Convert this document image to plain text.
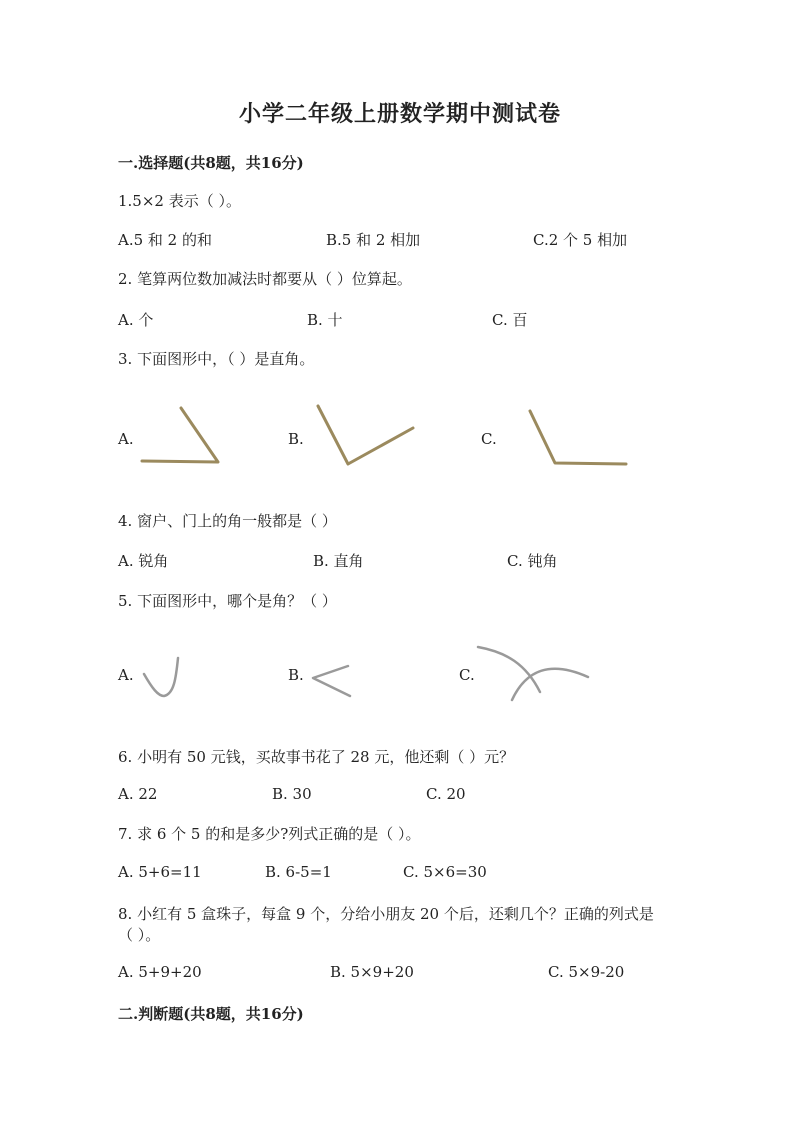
小学二年级上册数学期中测试卷
一.选择题(共8题，共16分)
1.5×2 表示（ ）。
A.5 和 2 的和	B.5 和 2 相加	C.2 个 5 相加
2. 笔算两位数加减法时都要从（ ）位算起。
A. 个	B. 十	C. 百
3. 下面图形中，（ ）是直角。
A.	B.	C.
4. 窗户、门上的角一般都是（ ）
A. 锐角	B. 直角	C. 钝角
5. 下面图形中，哪个是角？（ ）
A.	B.	C.
6. 小明有 50 元钱，买故事书花了 28 元，他还剩（ ）元？
A. 22	B. 30	C. 20
7. 求 6 个 5 的和是多少?列式正确的是（ ）。
A. 5+6=11	B. 6-5=1	C. 5×6=30
8. 小红有 5 盒珠子，每盒 9 个，分给小朋友 20 个后，还剩几个？正确的列式是
（ ）。
A. 5+9+20	B. 5×9+20	C. 5×9-20
二.判断题(共8题，共16分)
